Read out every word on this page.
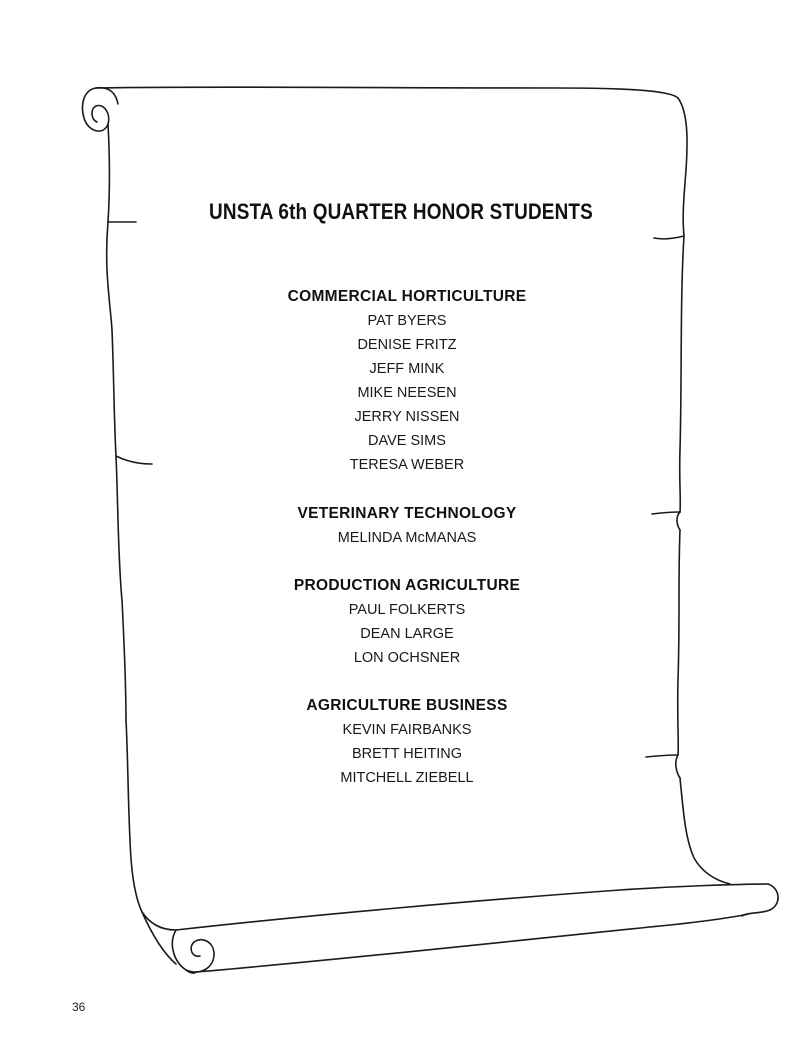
UNSTA 6th QUARTER HONOR STUDENTS
COMMERCIAL HORTICULTURE
PAT BYERS
DENISE FRITZ
JEFF MINK
MIKE NEESEN
JERRY NISSEN
DAVE SIMS
TERESA WEBER
VETERINARY TECHNOLOGY
MELINDA McMANAS
PRODUCTION AGRICULTURE
PAUL FOLKERTS
DEAN LARGE
LON OCHSNER
AGRICULTURE BUSINESS
KEVIN FAIRBANKS
BRETT HEITING
MITCHELL ZIEBELL
36
